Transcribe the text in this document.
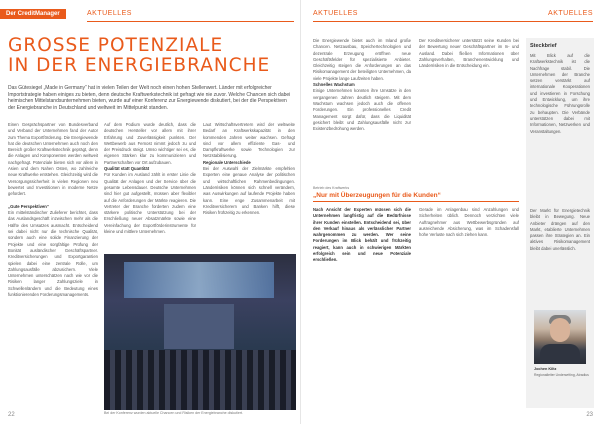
Der CreditManager	AKTUELLES
GROSSE POTENZIALE
IN DER ENERGIEBRANCHE
Das Gütesiegel „Made in Germany“ hat in vielen Teilen der Welt noch einen hohen Stellenwert. Länder mit erfolgreicher Importstrategie haben einiges zu bieten, denn deutsche Kraftwerkstechnik ist gefragt wie nie zuvor. Welche Chancen sich dabei heimischen Mittelstandsunternehmen bieten, wurde auf einer Konferenz zur Energiewende diskutiert, bei der die Perspektiven der Energiebranche in Deutschland und weltweit im Mittelpunkt standen.
Einen Gesprächspartner von Bundesverband und Verband der Unternehmen fand der Autor zum Thema Exportförderung. Die Energiewende hat die deutschen Unternehmen auch noch den Bereich großer Kraftwerkstechnik geprägt, denn die Anlagen und Komponenten werden weltweit nachgefragt. Potenziale bieten sich vor allem in Asien und dem Nahen Osten, wo zahlreiche neue Kraftwerke entstehen. Gleichzeitig wird die Versorgungssicherheit in vielen Regionen neu bewertet und Investitionen in moderne Netze gefordert.

„Gute Perspektiven“
Ein mittelständischer Zulieferer berichtet, dass das Auslandsgeschäft inzwischen mehr als die Hälfte des Umsatzes ausmacht. Entscheidend sei dabei nicht nur die technische Qualität, sondern auch eine solide Finanzierung der Projekte und eine sorgfältige Prüfung der Bonität ausländischer Geschäftspartner. Kreditversicherungen und Exportgarantien spielen dabei eine zentrale Rolle, um Zahlungsausfälle abzusichern. Viele Unternehmen unterschätzen nach wie vor die Risiken langer Zahlungsziele in Schwellenländern und die Bedeutung eines funktionierenden Forderungsmanagements.
Auf dem Podium wurde deutlich, dass die deutschen Hersteller vor allem mit ihrer Erfahrung und Zuverlässigkeit punkten. Der Wettbewerb aus Fernost nimmt jedoch zu und der Preisdruck steigt. Umso wichtiger sei es, die eigenen Stärken klar zu kommunizieren und Partnerschaften vor Ort aufzubauen.
Qualität statt Quantität
Für Kunden im Ausland zählt in erster Linie die Qualität der Anlagen und der Service über die gesamte Lebensdauer. Deutsche Unternehmen sind hier gut aufgestellt, müssen aber flexibler auf die Anforderungen der Märkte reagieren. Die Vertreter der Branche forderten zudem eine stärkere politische Unterstützung bei der Erschließung neuer Absatzmärkte sowie eine Vereinfachung der Exportförderinstrumente für kleine und mittlere Unternehmen.
Laut Wirtschaftsvertretern wird der weltweite Bedarf an Kraftwerkskapazität in den kommenden Jahren weiter wachsen. Gefragt sind vor allem effiziente Gas- und Dampfkraftwerke sowie Technologien zur Netzstabilisierung.
Regionale Unterschiede
Bei der Auswahl der Zielmärkte empfehlen Experten eine genaue Analyse der politischen und wirtschaftlichen Rahmenbedingungen. Länderrisiken können sich schnell verändern, was Auswirkungen auf laufende Projekte haben kann. Eine enge Zusammenarbeit mit Kreditversicherern und Banken hilft, diese Risiken frühzeitig zu erkennen.
Bei der Konferenz wurden aktuelle Chancen und Risiken der Energiebranche diskutiert.
22
AKTUELLES	AKTUELLES
Die Energiewende bietet auch im Inland große Chancen. Netzausbau, Speichertechnologien und dezentrale Erzeugung eröffnen neue Geschäftsfelder für spezialisierte Anbieter. Gleichzeitig steigen die Anforderungen an das Risikomanagement der beteiligten Unternehmen, da viele Projekte lange Laufzeiten haben.
Schnelles Wachstum
Einige Unternehmen konnten ihre Umsätze in den vergangenen Jahren deutlich steigern. Mit dem Wachstum wachsen jedoch auch die offenen Forderungen. Ein professionelles Credit Management sorgt dafür, dass die Liquidität gesichert bleibt und Zahlungsausfälle nicht zur Existenzbedrohung werden.
Der Kreditversicherer unterstützt seine Kunden bei der Bewertung neuer Geschäftspartner im In- und Ausland. Dabei fließen Informationen über Zahlungsverhalten, Branchenentwicklung und Länderrisiken in die Entscheidung ein.
Betrieb des Kraftwerks
„Nur mit Überzeugungen für die Kunden“
Nach Ansicht der Experten müssen sich die Unternehmen langfristig auf die Bedürfnisse ihrer Kunden einstellen. Entscheidend sei, über den Verkauf hinaus als verlässlicher Partner wahrgenommen zu werden. Wer seine Forderungen im Blick behält und frühzeitig reagiert, kann auch in schwierigen Märkten erfolgreich sein und neue Potenziale erschließen.
Gerade im Anlagenbau sind Anzahlungen und Sicherheiten üblich. Dennoch verzichten viele Auftragnehmer aus Wettbewerbsgründen auf ausreichende Absicherung, was im Schadensfall hohe Verluste nach sich ziehen kann.
Steckbrief
Mit Blick auf die Kraftwerkstechnik ist die Nachfrage stabil. Die Unternehmen der Branche setzen verstärkt auf internationale Kooperationen und investieren in Forschung und Entwicklung, um ihre technologische Führungsrolle zu behaupten. Die Verbände unterstützen dabei mit Informationen, Netzwerken und Veranstaltungen.
Der Markt für Energietechnik bleibt in Bewegung. Neue Anbieter drängen auf den Markt, etablierte Unternehmen passen ihre Strategien an. Ein aktives Risikomanagement bleibt dabei unerlässlich.
Jochen Kiltz
Regionalleiter Underwriting, Atradius
23
